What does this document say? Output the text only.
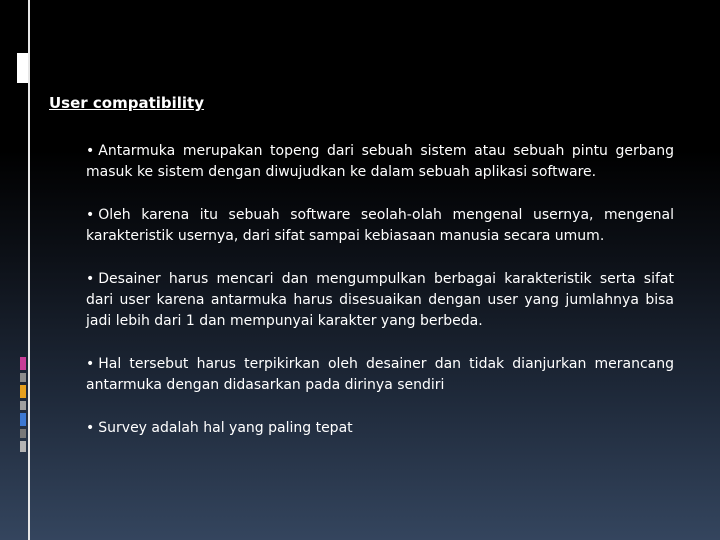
User compatibility
• Antarmuka merupakan topeng dari sebuah sistem atau sebuah pintu gerbang masuk ke sistem dengan diwujudkan ke dalam sebuah aplikasi software.
• Oleh karena itu sebuah software seolah-olah mengenal usernya, mengenal karakteristik usernya, dari sifat sampai kebiasaan manusia secara umum.
• Desainer harus mencari dan mengumpulkan berbagai karakteristik serta sifat dari user karena antarmuka harus disesuaikan dengan user yang jumlahnya bisa jadi lebih dari 1 dan mempunyai karakter yang berbeda.
• Hal tersebut harus terpikirkan oleh desainer dan tidak dianjurkan merancang antarmuka dengan didasarkan pada dirinya sendiri
• Survey adalah hal yang paling tepat
